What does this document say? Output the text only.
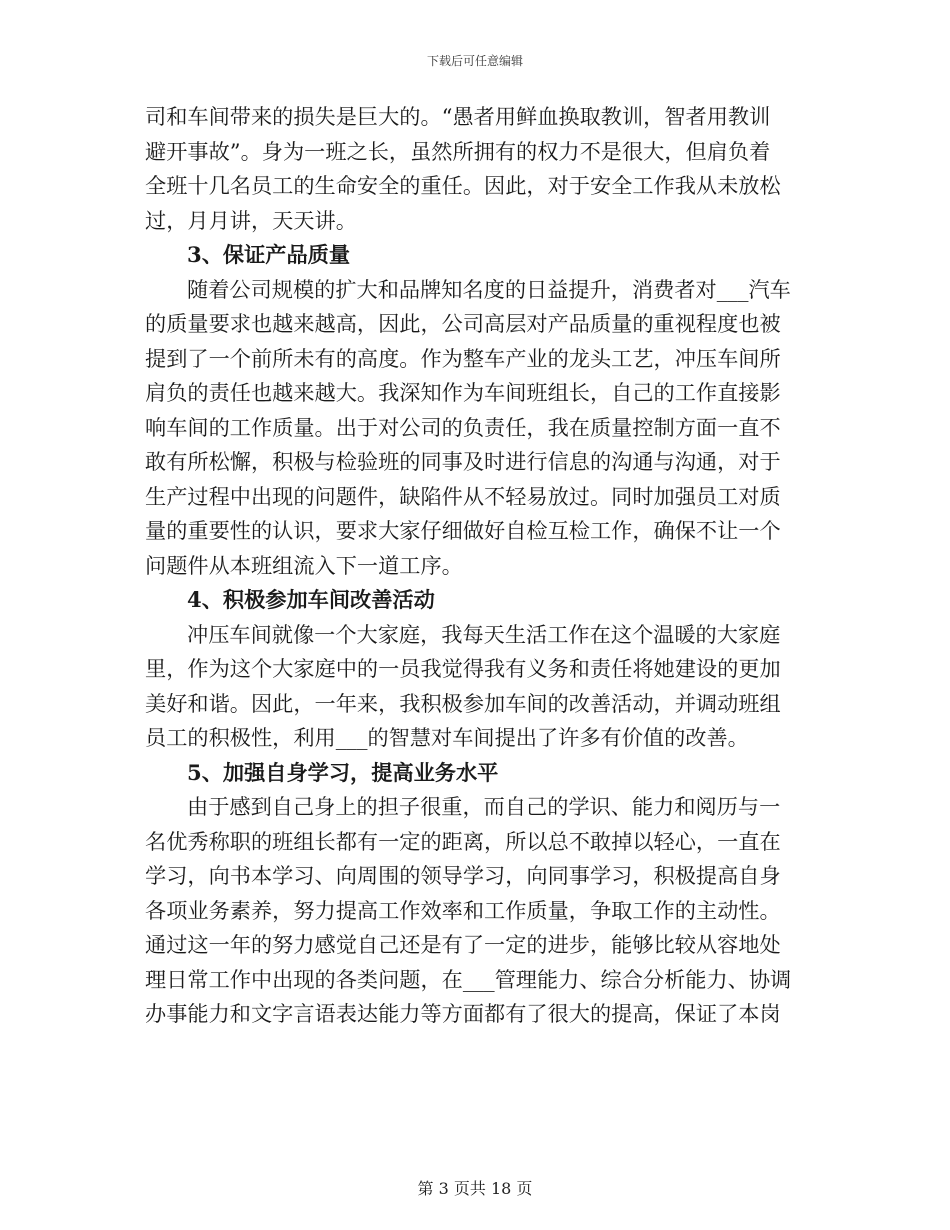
下载后可任意编辑
司和车间带来的损失是巨大的。“愚者用鲜血换取教训，智者用教训
避开事故”。身为一班之长，虽然所拥有的权力不是很大，但肩负着
全班十几名员工的生命安全的重任。因此，对于安全工作我从未放松
过，月月讲，天天讲。
3、保证产品质量
随着公司规模的扩大和品牌知名度的日益提升，消费者对___汽车
的质量要求也越来越高，因此，公司高层对产品质量的重视程度也被
提到了一个前所未有的高度。作为整车产业的龙头工艺，冲压车间所
肩负的责任也越来越大。我深知作为车间班组长，自己的工作直接影
响车间的工作质量。出于对公司的负责任，我在质量控制方面一直不
敢有所松懈，积极与检验班的同事及时进行信息的沟通与沟通，对于
生产过程中出现的问题件，缺陷件从不轻易放过。同时加强员工对质
量的重要性的认识，要求大家仔细做好自检互检工作，确保不让一个
问题件从本班组流入下一道工序。
4、积极参加车间改善活动
冲压车间就像一个大家庭，我每天生活工作在这个温暖的大家庭
里，作为这个大家庭中的一员我觉得我有义务和责任将她建设的更加
美好和谐。因此，一年来，我积极参加车间的改善活动，并调动班组
员工的积极性，利用___的智慧对车间提出了许多有价值的改善。
5、加强自身学习，提高业务水平
由于感到自己身上的担子很重，而自己的学识、能力和阅历与一
名优秀称职的班组长都有一定的距离，所以总不敢掉以轻心，一直在
学习，向书本学习、向周围的领导学习，向同事学习，积极提高自身
各项业务素养，努力提高工作效率和工作质量，争取工作的主动性。
通过这一年的努力感觉自己还是有了一定的进步，能够比较从容地处
理日常工作中出现的各类问题，在___管理能力、综合分析能力、协调
办事能力和文字言语表达能力等方面都有了很大的提高，保证了本岗
第 3 页共 18 页
